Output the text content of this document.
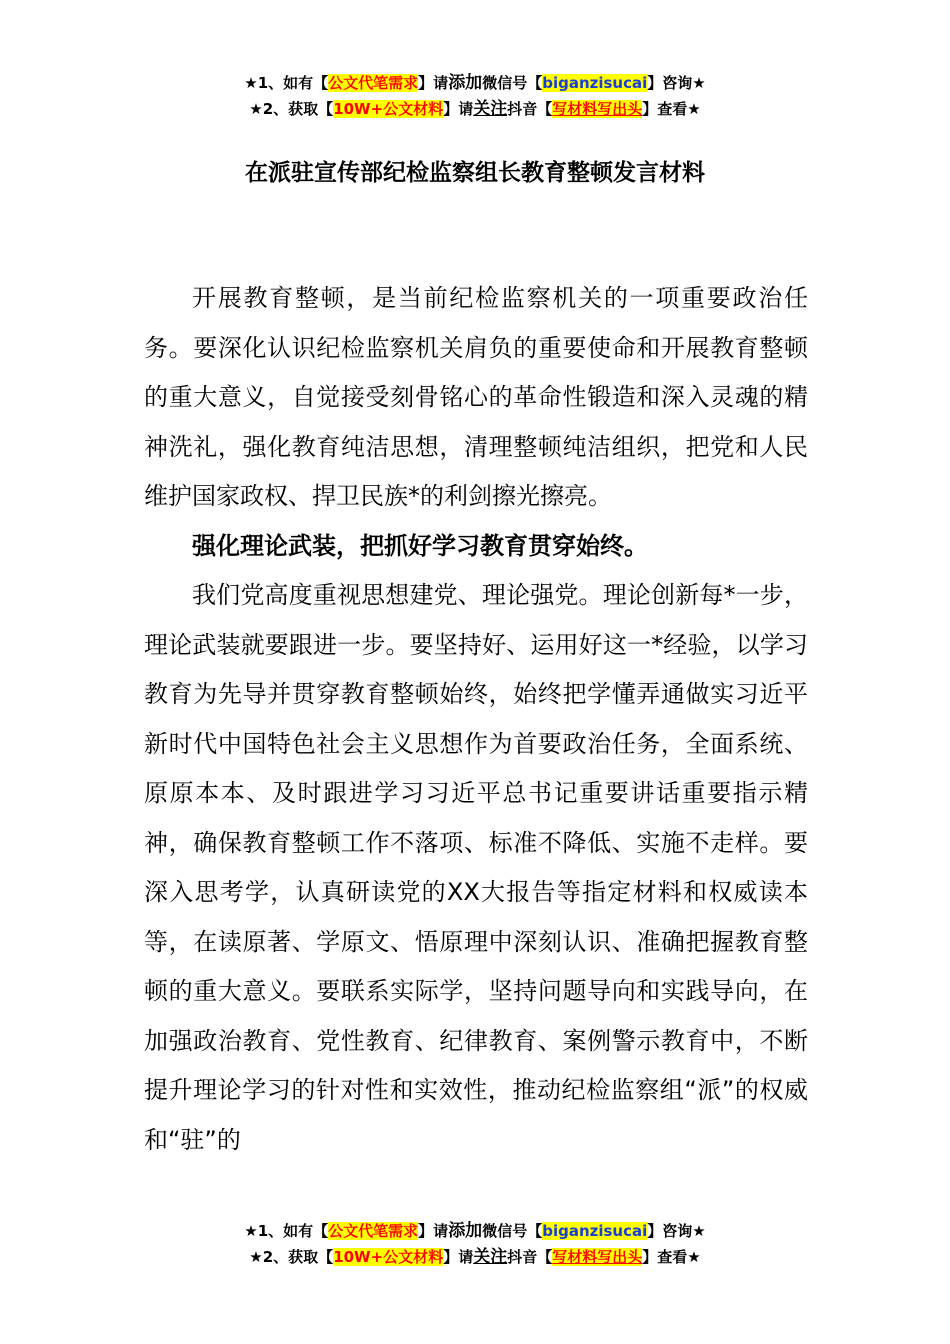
★1、如有【公文代笔需求】请添加微信号【biganzisucai】咨询★
★2、获取【10W+公文材料】请关注抖音【写材料写出头】查看★
在派驻宣传部纪检监察组长教育整顿发言材料

开展教育整顿，是当前纪检监察机关的一项重要政治任务。要深化认识纪检监察机关肩负的重要使命和开展教育整顿的重大意义，自觉接受刻骨铭心的革命性锻造和深入灵魂的精神洗礼，强化教育纯洁思想，清理整顿纯洁组织，把党和人民维护国家政权、捍卫民族*的利剑擦光擦亮。

强化理论武装，把抓好学习教育贯穿始终。

我们党高度重视思想建党、理论强党。理论创新每*一步，理论武装就要跟进一步。要坚持好、运用好这一*经验，以学习教育为先导并贯穿教育整顿始终，始终把学懂弄通做实习近平新时代中国特色社会主义思想作为首要政治任务，全面系统、原原本本、及时跟进学习习近平总书记重要讲话重要指示精神，确保教育整顿工作不落项、标准不降低、实施不走样。要深入思考学，认真研读党的XX大报告等指定材料和权威读本等，在读原著、学原文、悟原理中深刻认识、准确把握教育整顿的重大意义。要联系实际学，坚持问题导向和实践导向，在加强政治教育、党性教育、纪律教育、案例警示教育中，不断提升理论学习的针对性和实效性，推动纪检监察组“派”的权威和“驻”的

★1、如有【公文代笔需求】请添加微信号【biganzisucai】咨询★
★2、获取【10W+公文材料】请关注抖音【写材料写出头】查看★
